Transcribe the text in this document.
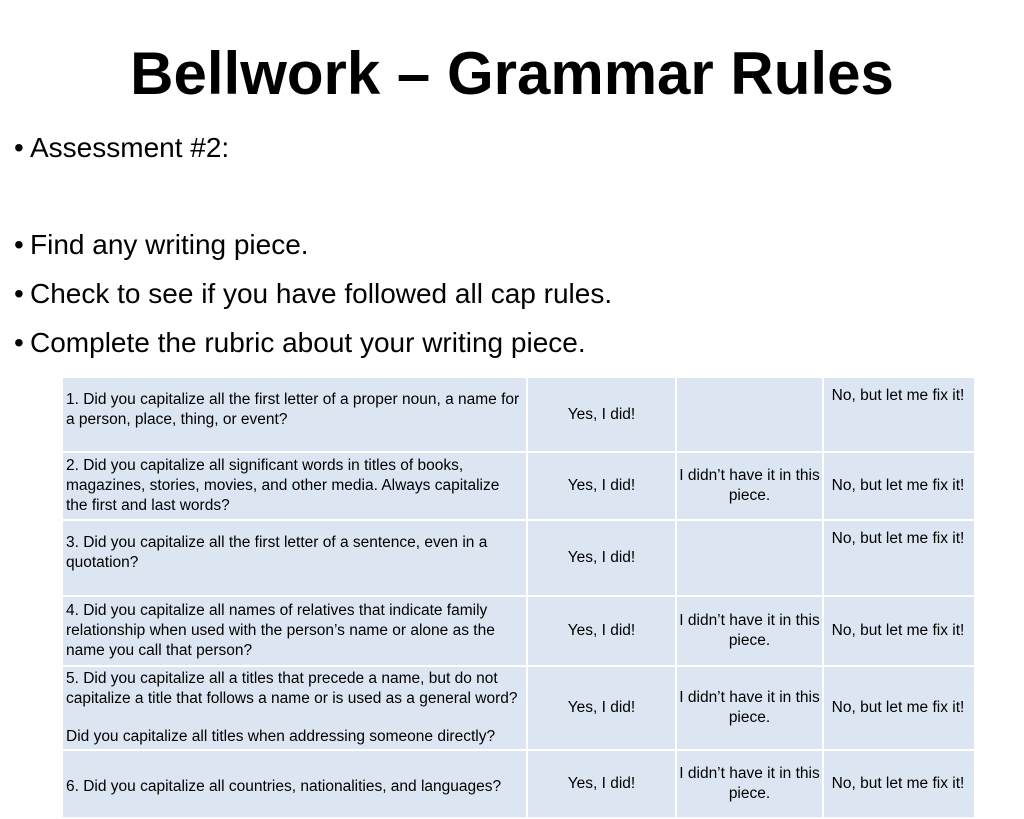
Bellwork – Grammar Rules
• Assessment #2:
• Find any writing piece.
• Check to see if you have followed all cap rules.
• Complete the rubric about your writing piece.
1. Did you capitalize all the first letter of a proper noun, a name for a person, place, thing, or event?	Yes, I did!		No, but let me fix it!
2. Did you capitalize all significant words in titles of books, magazines, stories, movies, and other media. Always capitalize the first and last words?	Yes, I did!	I didn’t have it in this piece.	No, but let me fix it!
3. Did you capitalize all the first letter of a sentence, even in a quotation?	Yes, I did!		No, but let me fix it!
4. Did you capitalize all names of relatives that indicate family relationship when used with the person’s name or alone as the name you call that person?	Yes, I did!	I didn’t have it in this piece.	No, but let me fix it!
5. Did you capitalize all a titles that precede a name, but do not capitalize a title that follows a name or is used as a general word?
Did you capitalize all titles when addressing someone directly?	Yes, I did!	I didn’t have it in this piece.	No, but let me fix it!
6. Did you capitalize all countries, nationalities, and languages?	Yes, I did!	I didn’t have it in this piece.	No, but let me fix it!
